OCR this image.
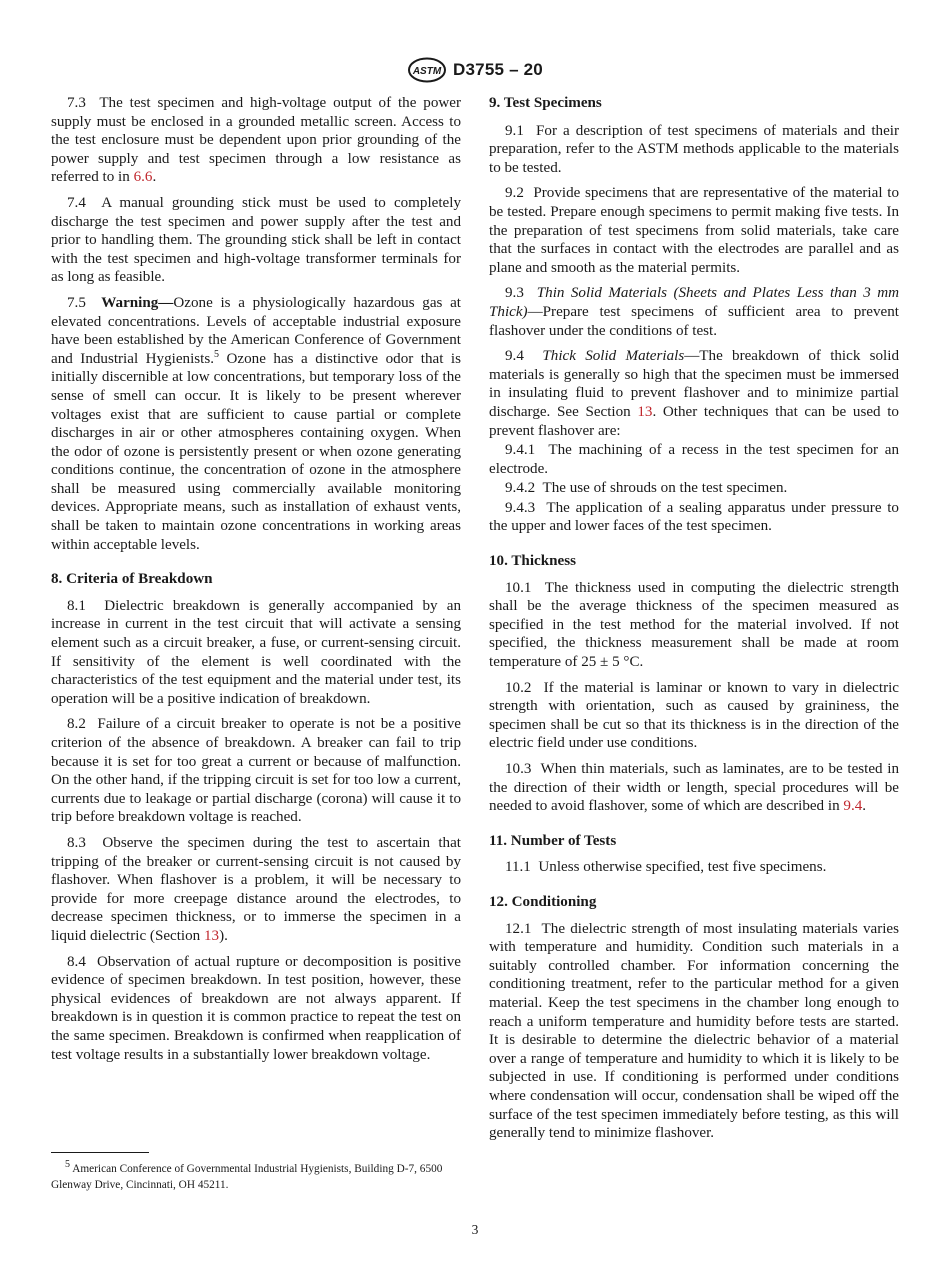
ASTM D3755 – 20

7.3 The test specimen and high-voltage output of the power supply must be enclosed in a grounded metallic screen. Access to the test enclosure must be dependent upon prior grounding of the power supply and test specimen through a low resistance as referred to in 6.6.

7.4 A manual grounding stick must be used to completely discharge the test specimen and power supply after the test and prior to handling them. The grounding stick shall be left in contact with the test specimen and high-voltage transformer terminals for as long as feasible.

7.5 Warning—Ozone is a physiologically hazardous gas at elevated concentrations. Levels of acceptable industrial exposure have been established by the American Conference of Government and Industrial Hygienists.$^5$ Ozone has a distinctive odor that is initially discernible at low concentrations, but temporary loss of the sense of smell can occur. It is likely to be present wherever voltages exist that are sufficient to cause partial or complete discharges in air or other atmospheres containing oxygen. When the odor of ozone is persistently present or when ozone generating conditions continue, the concentration of ozone in the atmosphere shall be measured using commercially available monitoring devices. Appropriate means, such as installation of exhaust vents, shall be taken to maintain ozone concentrations in working areas within acceptable levels.

8. Criteria of Breakdown

8.1 Dielectric breakdown is generally accompanied by an increase in current in the test circuit that will activate a sensing element such as a circuit breaker, a fuse, or current-sensing circuit. If sensitivity of the element is well coordinated with the characteristics of the test equipment and the material under test, its operation will be a positive indication of breakdown.

8.2 Failure of a circuit breaker to operate is not be a positive criterion of the absence of breakdown. A breaker can fail to trip because it is set for too great a current or because of malfunction. On the other hand, if the tripping circuit is set for too low a current, currents due to leakage or partial discharge (corona) will cause it to trip before breakdown voltage is reached.

8.3 Observe the specimen during the test to ascertain that tripping of the breaker or current-sensing circuit is not caused by flashover. When flashover is a problem, it will be necessary to provide for more creepage distance around the electrodes, to decrease specimen thickness, or to immerse the specimen in a liquid dielectric (Section 13).

8.4 Observation of actual rupture or decomposition is positive evidence of specimen breakdown. In test position, however, these physical evidences of breakdown are not always apparent. If breakdown is in question it is common practice to repeat the test on the same specimen. Breakdown is confirmed when reapplication of test voltage results in a substantially lower breakdown voltage.

$^5$ American Conference of Governmental Industrial Hygienists, Building D-7, 6500 Glenway Drive, Cincinnati, OH 45211.

9. Test Specimens

9.1 For a description of test specimens of materials and their preparation, refer to the ASTM methods applicable to the materials to be tested.

9.2 Provide specimens that are representative of the material to be tested. Prepare enough specimens to permit making five tests. In the preparation of test specimens from solid materials, take care that the surfaces in contact with the electrodes are parallel and as plane and smooth as the material permits.

9.3 Thin Solid Materials (Sheets and Plates Less than 3 mm Thick)—Prepare test specimens of sufficient area to prevent flashover under the conditions of test.

9.4 Thick Solid Materials—The breakdown of thick solid materials is generally so high that the specimen must be immersed in insulating fluid to prevent flashover and to minimize partial discharge. See Section 13. Other techniques that can be used to prevent flashover are:

9.4.1 The machining of a recess in the test specimen for an electrode.

9.4.2 The use of shrouds on the test specimen.

9.4.3 The application of a sealing apparatus under pressure to the upper and lower faces of the test specimen.

10. Thickness

10.1 The thickness used in computing the dielectric strength shall be the average thickness of the specimen measured as specified in the test method for the material involved. If not specified, the thickness measurement shall be made at room temperature of 25 ± 5 °C.

10.2 If the material is laminar or known to vary in dielectric strength with orientation, such as caused by graininess, the specimen shall be cut so that its thickness is in the direction of the electric field under use conditions.

10.3 When thin materials, such as laminates, are to be tested in the direction of their width or length, special procedures will be needed to avoid flashover, some of which are described in 9.4.

11. Number of Tests

11.1 Unless otherwise specified, test five specimens.

12. Conditioning

12.1 The dielectric strength of most insulating materials varies with temperature and humidity. Condition such materials in a suitably controlled chamber. For information concerning the conditioning treatment, refer to the particular method for a given material. Keep the test specimens in the chamber long enough to reach a uniform temperature and humidity before tests are started. It is desirable to determine the dielectric behavior of a material over a range of temperature and humidity to which it is likely to be subjected in use. If conditioning is performed under conditions where condensation will occur, condensation shall be wiped off the surface of the test specimen immediately before testing, as this will generally tend to minimize flashover.

3
